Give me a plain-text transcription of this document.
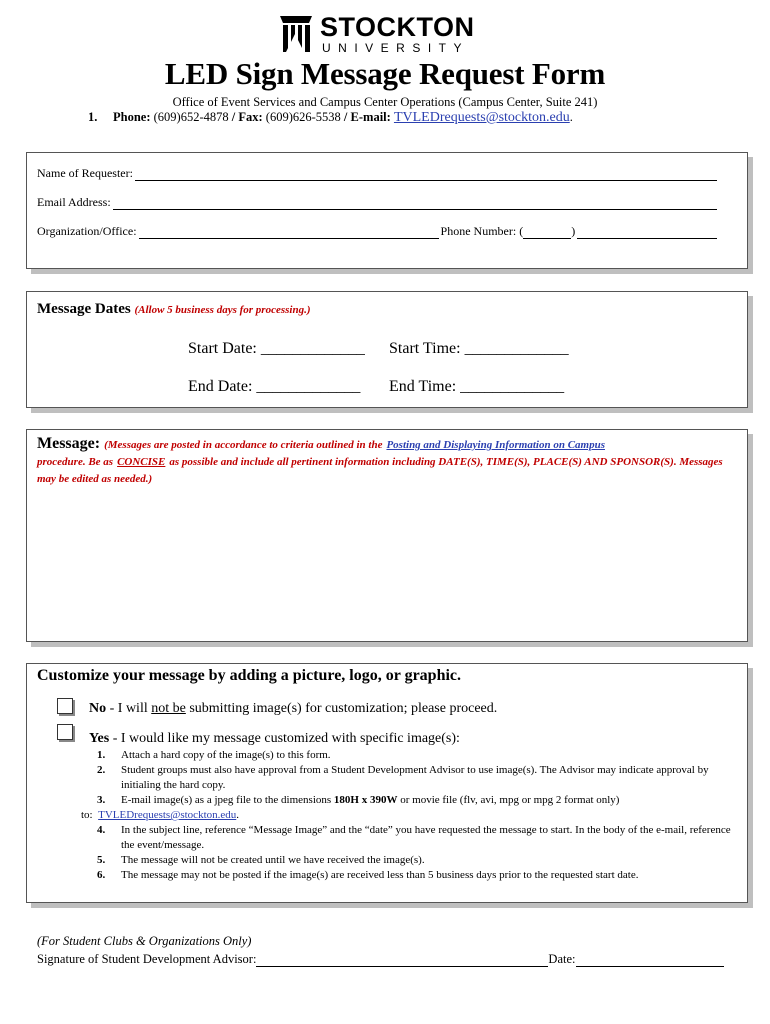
STOCKTON
UNIVERSITY
LED Sign Message Request Form
Office of Event Services and Campus Center Operations (Campus Center, Suite 241)
1. Phone: (609)652-4878 / Fax: (609)626-5538 / E-mail: TVLEDrequests@stockton.edu.
Name of Requester:
Email Address:
Organization/Office:	Phone Number: (	)
Message Dates (Allow 5 business days for processing.)
Start Date: _____________ Start Time: _____________
End Date: _____________ End Time: _____________
Message: (Messages are posted in accordance to criteria outlined in the Posting and Displaying Information on Campus
procedure. Be as CONCISE as possible and include all pertinent information including DATE(S), TIME(S), PLACE(S) AND SPONSOR(S). Messages may be edited as needed.)
Customize your message by adding a picture, logo, or graphic.
No - I will not be submitting image(s) for customization; please proceed.
Yes - I would like my message customized with specific image(s):
1. Attach a hard copy of the image(s) to this form.
2. Student groups must also have approval from a Student Development Advisor to use image(s). The Advisor may indicate approval by initialing the hard copy.
3. E-mail image(s) as a jpeg file to the dimensions 180H x 390W or movie file (flv, avi, mpg or mpg 2 format only)
to: TVLEDrequests@stockton.edu.
4. In the subject line, reference “Message Image” and the “date” you have requested the message to start. In the body of the e-mail, reference the event/message.
5. The message will not be created until we have received the image(s).
6. The message may not be posted if the image(s) are received less than 5 business days prior to the requested start date.
(For Student Clubs & Organizations Only)
Signature of Student Development Advisor:	Date:
